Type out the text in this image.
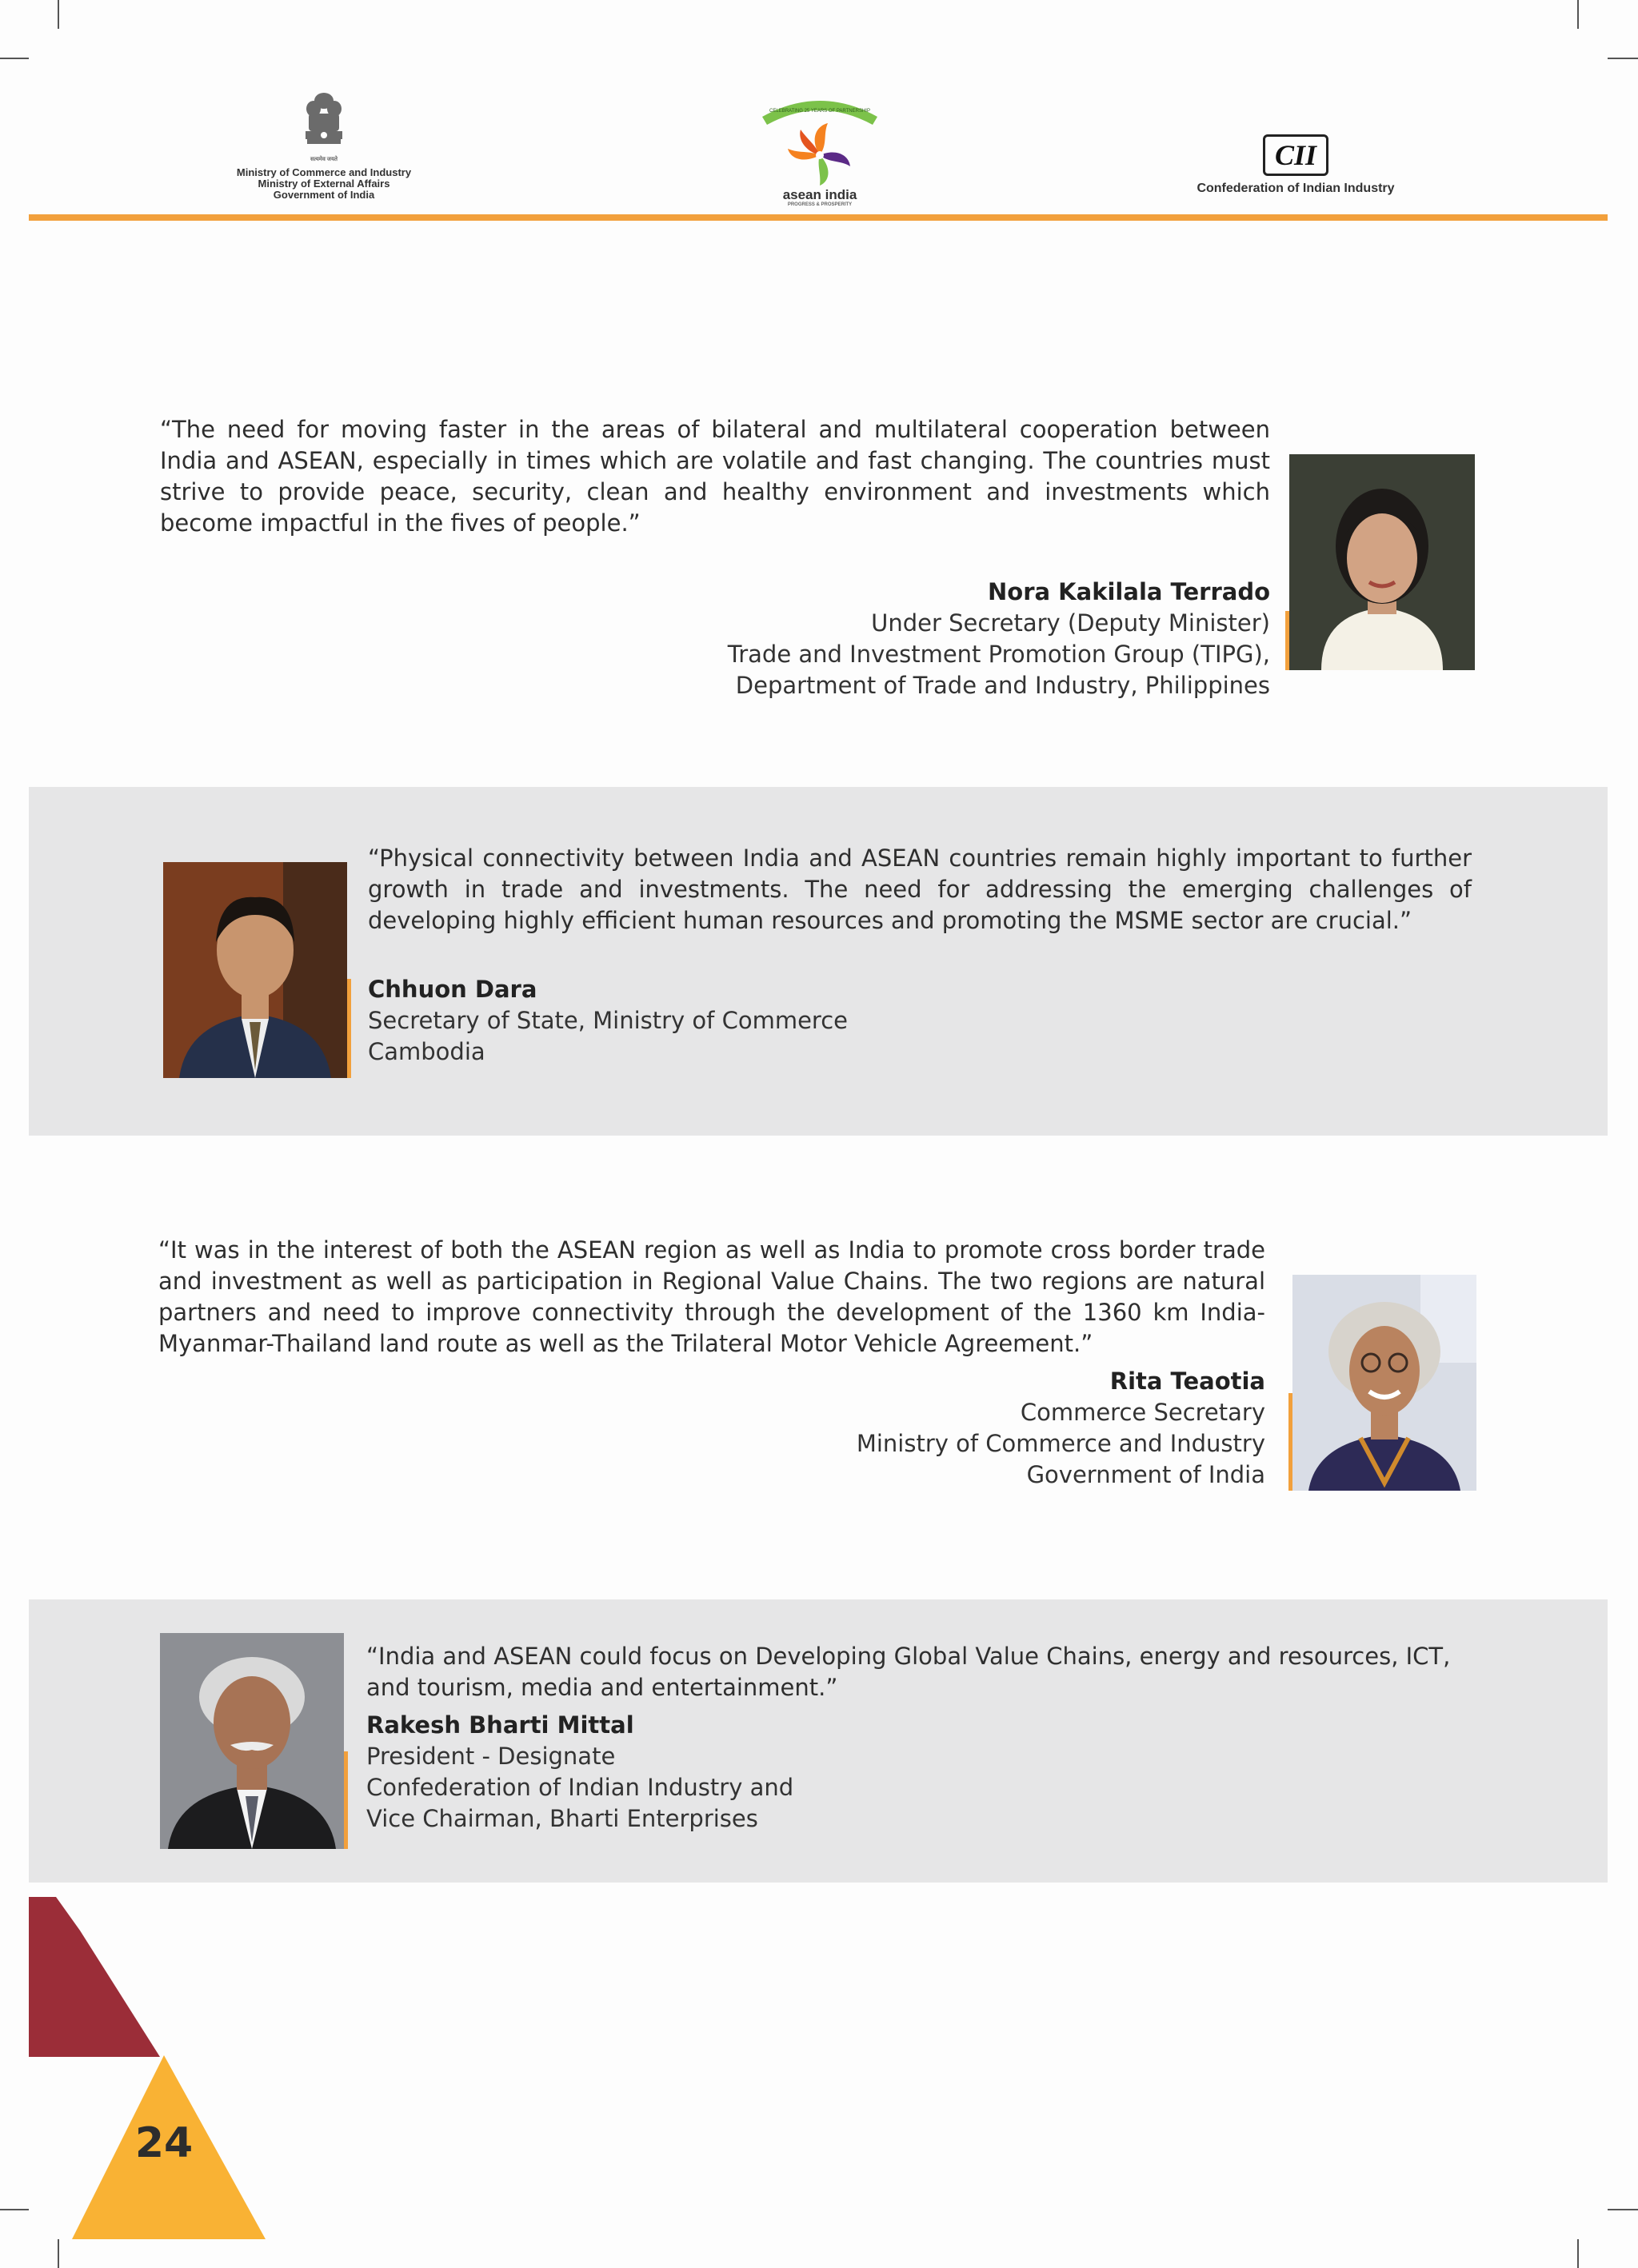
सत्यमेव जयते
Ministry of Commerce and Industry
Ministry of External Affairs
Government of India
CELEBRATING 25 YEARS OF PARTNERSHIP
asean india
PROGRESS & PROSPERITY
CII
Confederation of Indian Industry

“The need for moving faster in the areas of bilateral and multilateral cooperation between India and ASEAN, especially in times which are volatile and fast changing. The countries must strive to provide peace, security, clean and healthy environment and investments which become impactful in the fives of people.”

Nora Kakilala Terrado
Under Secretary (Deputy Minister)
Trade and Investment Promotion Group (TIPG),
Department of Trade and Industry, Philippines

“Physical connectivity between India and ASEAN countries remain highly important to further growth in trade and investments. The need for addressing the emerging challenges of developing highly efficient human resources and promoting the MSME sector are crucial.”

Chhuon Dara
Secretary of State, Ministry of Commerce
Cambodia

“It was in the interest of both the ASEAN region as well as India to promote cross border trade and investment as well as participation in Regional Value Chains. The two regions are natural partners and need to improve connectivity through the development of the 1360 km India-Myanmar-Thailand land route as well as the Trilateral Motor Vehicle Agreement.”

Rita Teaotia
Commerce Secretary
Ministry of Commerce and Industry
Government of India

“India and ASEAN could focus on Developing Global Value Chains, energy and resources, ICT, and tourism, media and entertainment.”

Rakesh Bharti Mittal
President - Designate
Confederation of Indian Industry and
Vice Chairman, Bharti Enterprises
24
